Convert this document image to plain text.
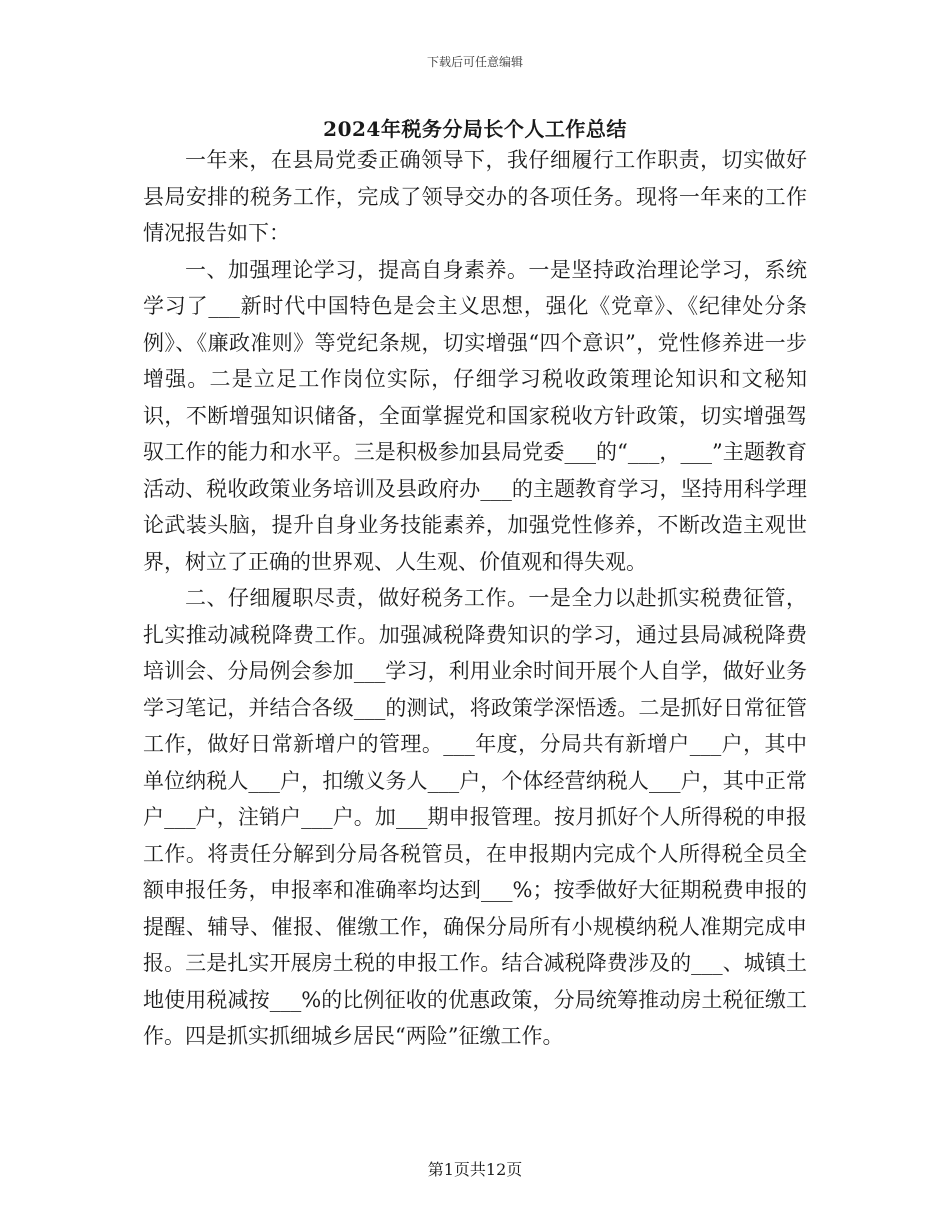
下载后可任意编辑
2024年税务分局长个人工作总结

一年来，在县局党委正确领导下，我仔细履行工作职责，切实做好县局安排的税务工作，完成了领导交办的各项任务。现将一年来的工作情况报告如下：

一、加强理论学习，提高自身素养。一是坚持政治理论学习，系统学习了___新时代中国特色是会主义思想，强化《党章》、《纪律处分条例》、《廉政准则》等党纪条规，切实增强“四个意识”，党性修养进一步增强。二是立足工作岗位实际，仔细学习税收政策理论知识和文秘知识，不断增强知识储备，全面掌握党和国家税收方针政策，切实增强驾驭工作的能力和水平。三是积极参加县局党委___的“___，___”主题教育活动、税收政策业务培训及县政府办___的主题教育学习，坚持用科学理论武装头脑，提升自身业务技能素养，加强党性修养，不断改造主观世界，树立了正确的世界观、人生观、价值观和得失观。

二、仔细履职尽责，做好税务工作。一是全力以赴抓实税费征管，扎实推动减税降费工作。加强减税降费知识的学习，通过县局减税降费培训会、分局例会参加___学习，利用业余时间开展个人自学，做好业务学习笔记，并结合各级___的测试，将政策学深悟透。二是抓好日常征管工作，做好日常新增户的管理。___年度，分局共有新增户___户，其中单位纳税人___户，扣缴义务人___户，个体经营纳税人___户，其中正常户___户，注销户___户。加___期申报管理。按月抓好个人所得税的申报工作。将责任分解到分局各税管员，在申报期内完成个人所得税全员全额申报任务，申报率和准确率均达到___%；按季做好大征期税费申报的提醒、辅导、催报、催缴工作，确保分局所有小规模纳税人准期完成申报。三是扎实开展房土税的申报工作。结合减税降费涉及的___、城镇土地使用税减按___%的比例征收的优惠政策，分局统筹推动房土税征缴工作。四是抓实抓细城乡居民“两险”征缴工作。

第1页共12页
